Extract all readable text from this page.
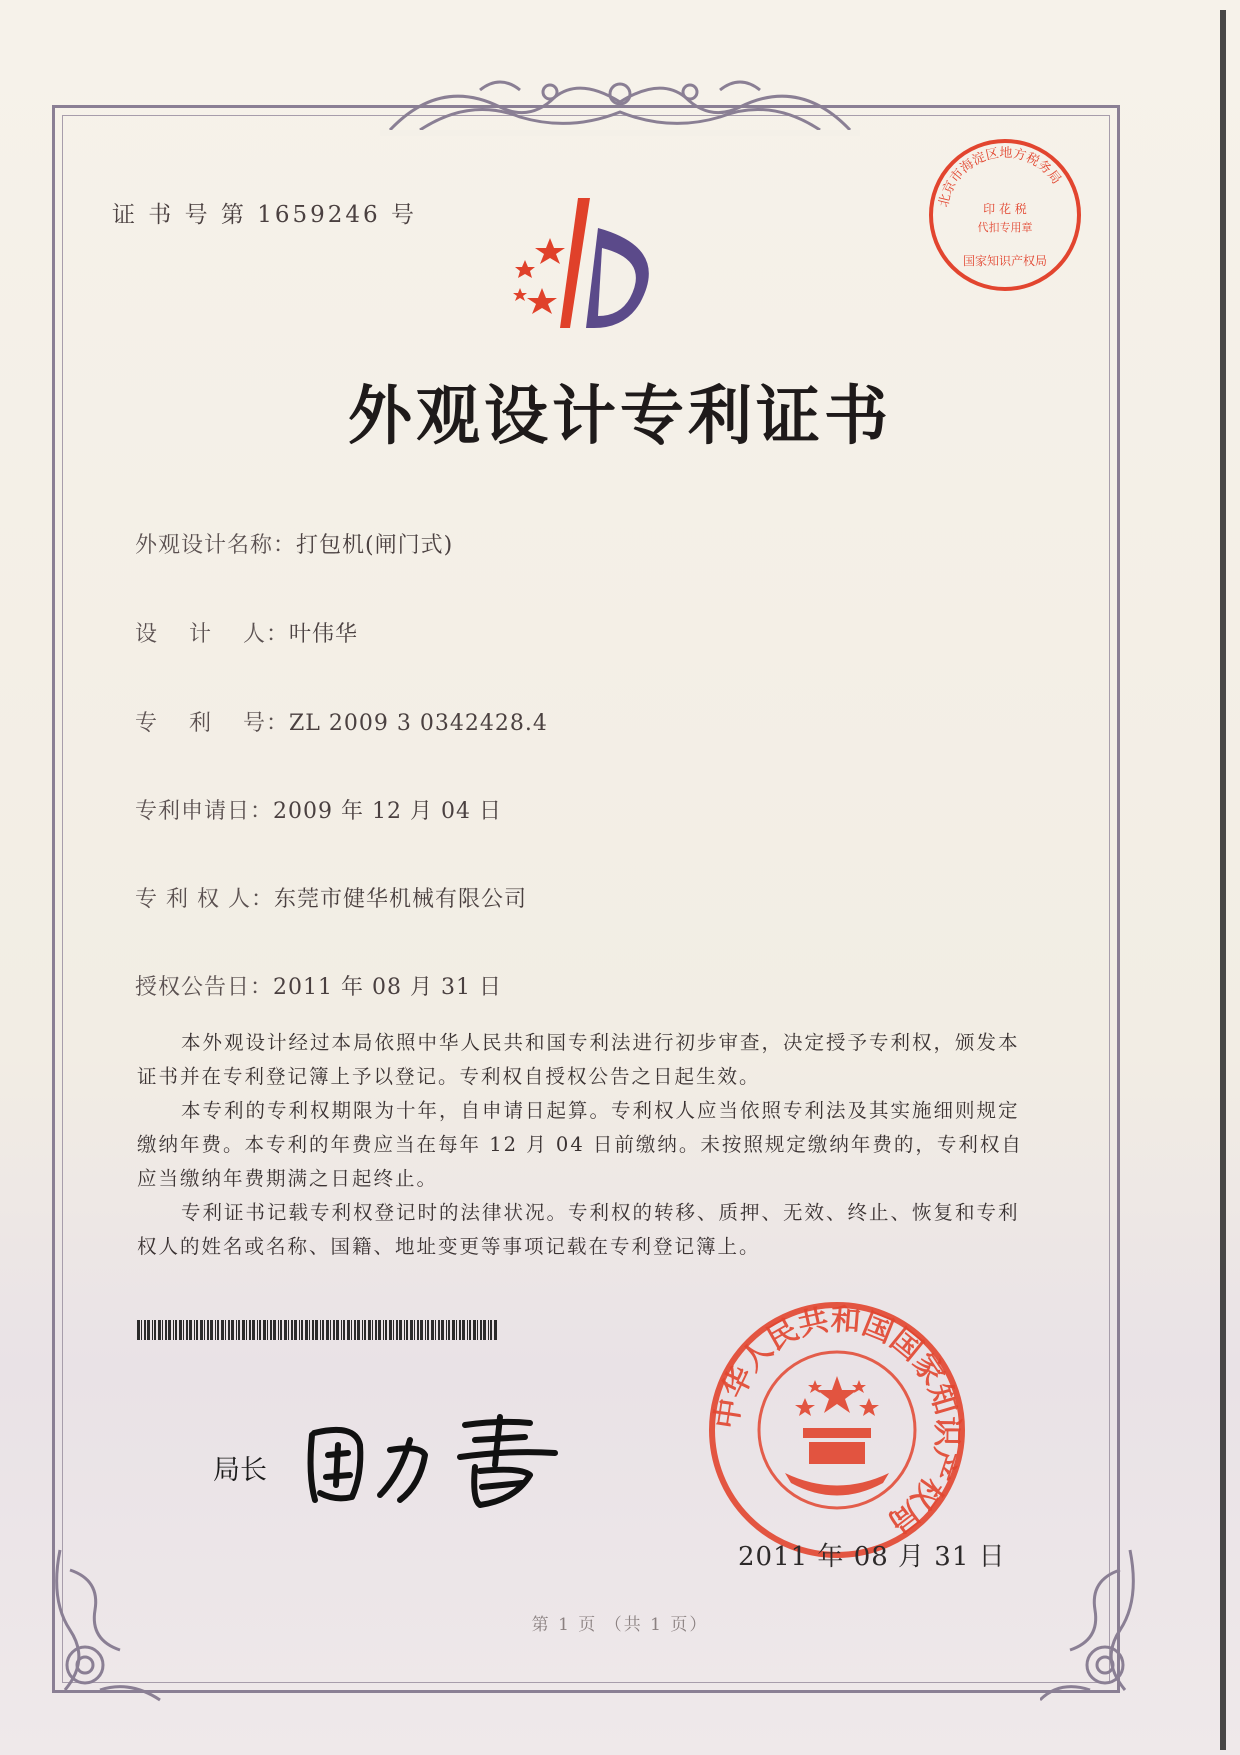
证 书 号 第 1659246 号
北京市海淀区地方税务局
印 花 税
代扣专用章
国家知识产权局
外观设计专利证书
外观设计名称：打包机(闸门式)
设　 计　 人：叶伟华
专　 利　 号：ZL 2009 3 0342428.4
专利申请日：2009 年 12 月 04 日
专 利 权 人：东莞市健华机械有限公司
授权公告日：2011 年 08 月 31 日
本外观设计经过本局依照中华人民共和国专利法进行初步审查，决定授予专利权，颁发本证书并在专利登记簿上予以登记。专利权自授权公告之日起生效。
本专利的专利权期限为十年，自申请日起算。专利权人应当依照专利法及其实施细则规定缴纳年费。本专利的年费应当在每年 12 月 04 日前缴纳。未按照规定缴纳年费的，专利权自应当缴纳年费期满之日起终止。
专利证书记载专利权登记时的法律状况。专利权的转移、质押、无效、终止、恢复和专利权人的姓名或名称、国籍、地址变更等事项记载在专利登记簿上。
局长
中华人民共和国国家知识产权局
2011 年 08 月 31 日
第 1 页 （共 1 页）
